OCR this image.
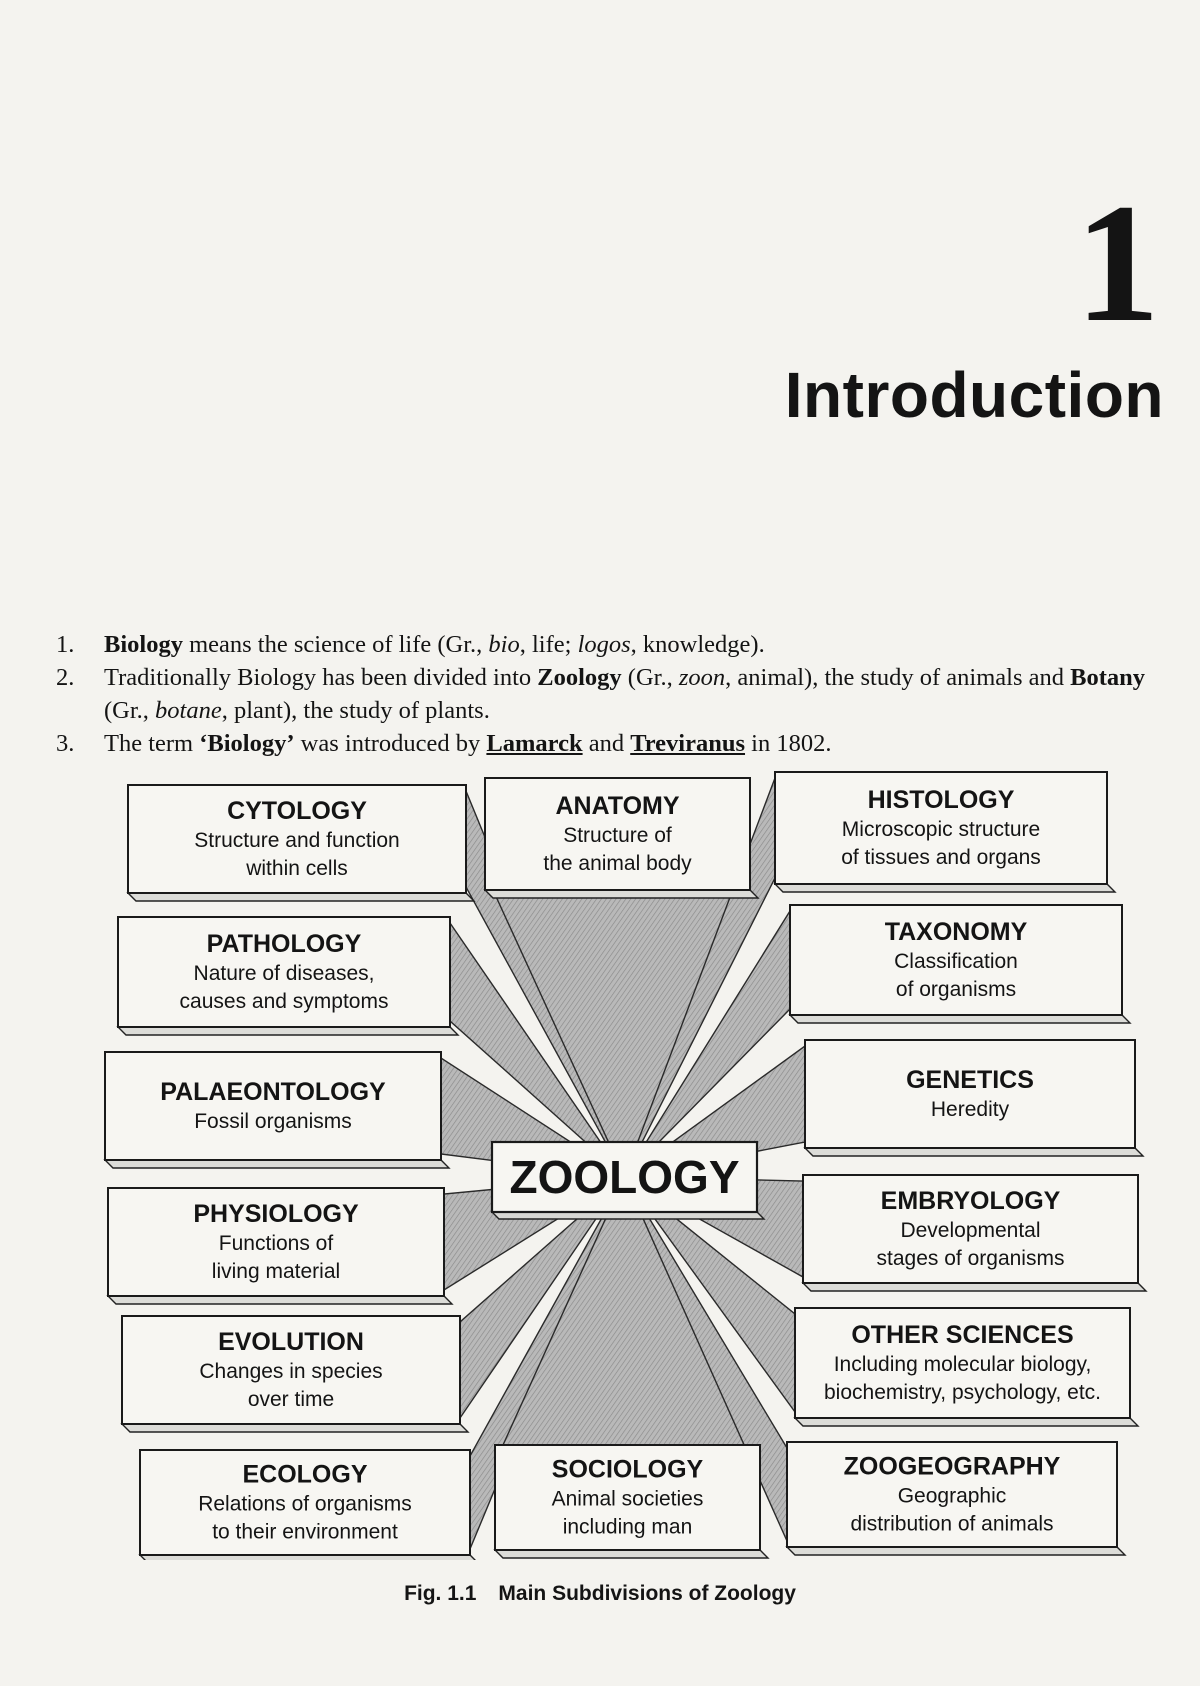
1
Introduction
1.	Biology means the science of life (Gr., bio, life; logos, knowledge).
2.	Traditionally Biology has been divided into Zoology (Gr., zoon, animal), the study of animals and Botany (Gr., botane, plant), the study of plants.
3.	The term ‘Biology’ was introduced by Lamarck and Treviranus in 1802.
CYTOLOGY
Structure and function
within cells
ANATOMY
Structure of
the animal body
HISTOLOGY
Microscopic structure
of tissues and organs
PATHOLOGY
Nature of diseases,
causes and symptoms
TAXONOMY
Classification
of organisms
PALAEONTOLOGY
Fossil organisms
GENETICS
Heredity
PHYSIOLOGY
Functions of
living material
EMBRYOLOGY
Developmental
stages of organisms
EVOLUTION
Changes in species
over time
OTHER SCIENCES
Including molecular biology,
biochemistry, psychology, etc.
ECOLOGY
Relations of organisms
to their environment
SOCIOLOGY
Animal societies
including man
ZOOGEOGRAPHY
Geographic
distribution of animals
ZOOLOGY
Fig. 1.1 Main Subdivisions of Zoology
